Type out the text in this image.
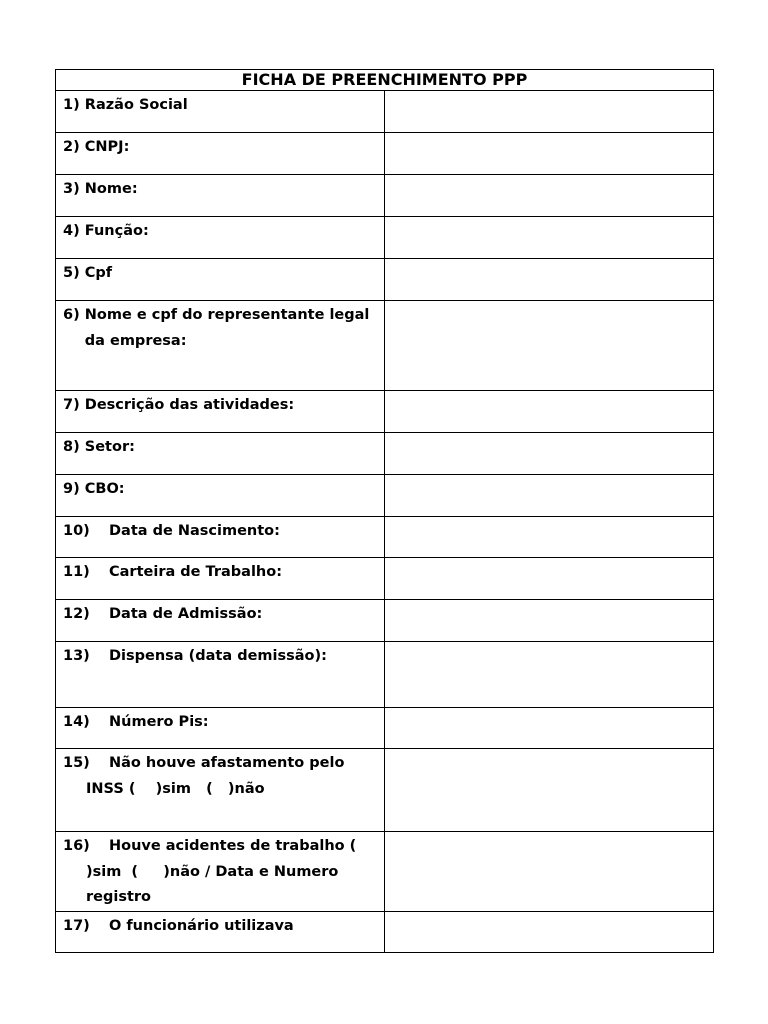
FICHA DE PREENCHIMENTO PPP	

1)
Razão Social	

2)
CNPJ:	

3)
Nome:	

4)
Função:	

5)
Cpf	

6)
Nome e cpf do representante legal da empresa:	

7)
Descrição das atividades:	

8)
Setor:	

9)
CBO:	

10) Data de Nascimento:	

11) Carteira de Trabalho:	

12) Data de Admissão:	

13) Dispensa (data demissão):	

14) Número Pis:	

15) Não houve afastamento pelo INSS (    )sim   (   )não	

16) Houve acidentes de trabalho (     )sim  (     )não / Data e Numero registro	

17) O funcionário utilizava	
